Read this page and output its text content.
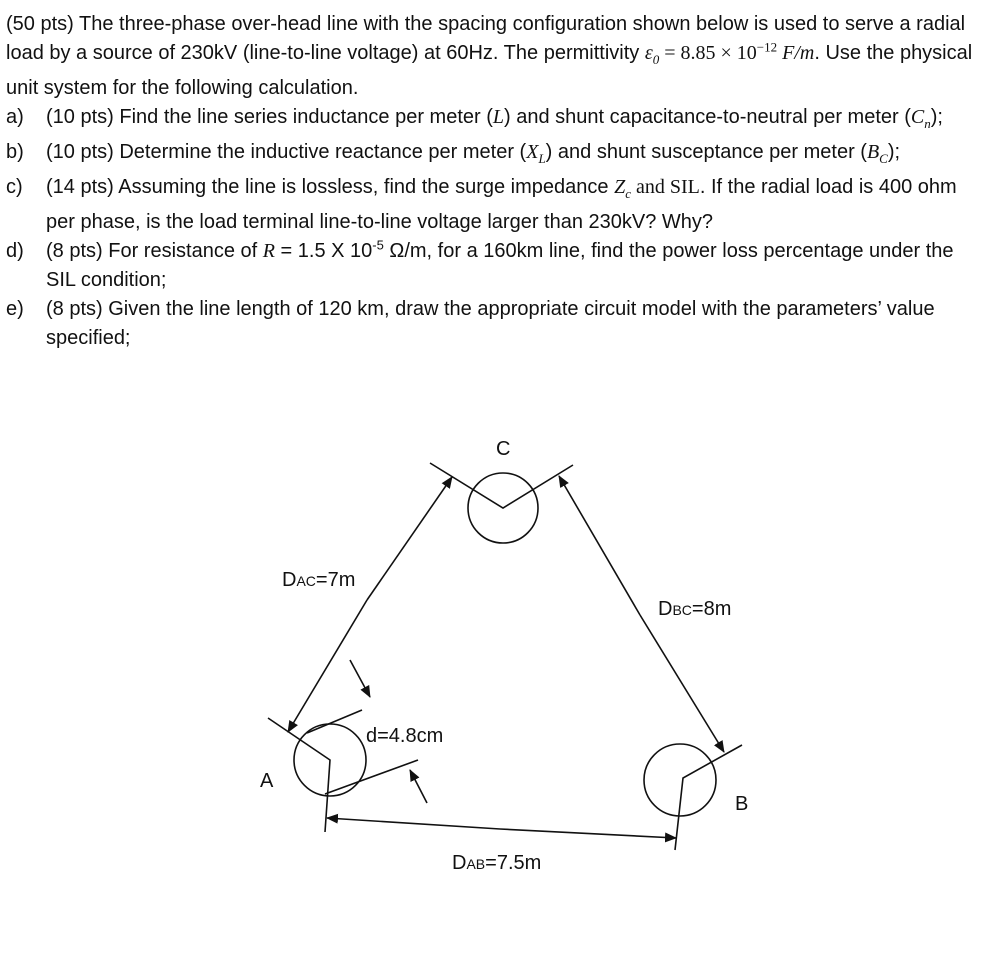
(50 pts) The three-phase over-head line with the spacing configuration shown below is used to serve a radial load by a source of 230kV (line-to-line voltage) at 60Hz. The permittivity $\varepsilon_0 = 8.85 \times 10^{-12}$ F/m. Use the physical unit system for the following calculation.

a) (10 pts) Find the line series inductance per meter (L) and shunt capacitance-to-neutral per meter $(C_n)$;
b) (10 pts) Determine the inductive reactance per meter $(X_L)$ and shunt susceptance per meter $(B_C)$;
c) (14 pts) Assuming the line is lossless, find the surge impedance $Z_c$ and SIL. If the radial load is 400 ohm per phase, is the load terminal line-to-line voltage larger than 230kV? Why?
d) (8 pts) For resistance of R = 1.5 X $10^{-5}$ Ω/m, for a 160km line, find the power loss percentage under the SIL condition;
e) (8 pts) Given the line length of 120 km, draw the appropriate circuit model with the parameters’ value specified;
C
A
B
DAC=7m
DBC=8m
DAB=7.5m
d=4.8cm
